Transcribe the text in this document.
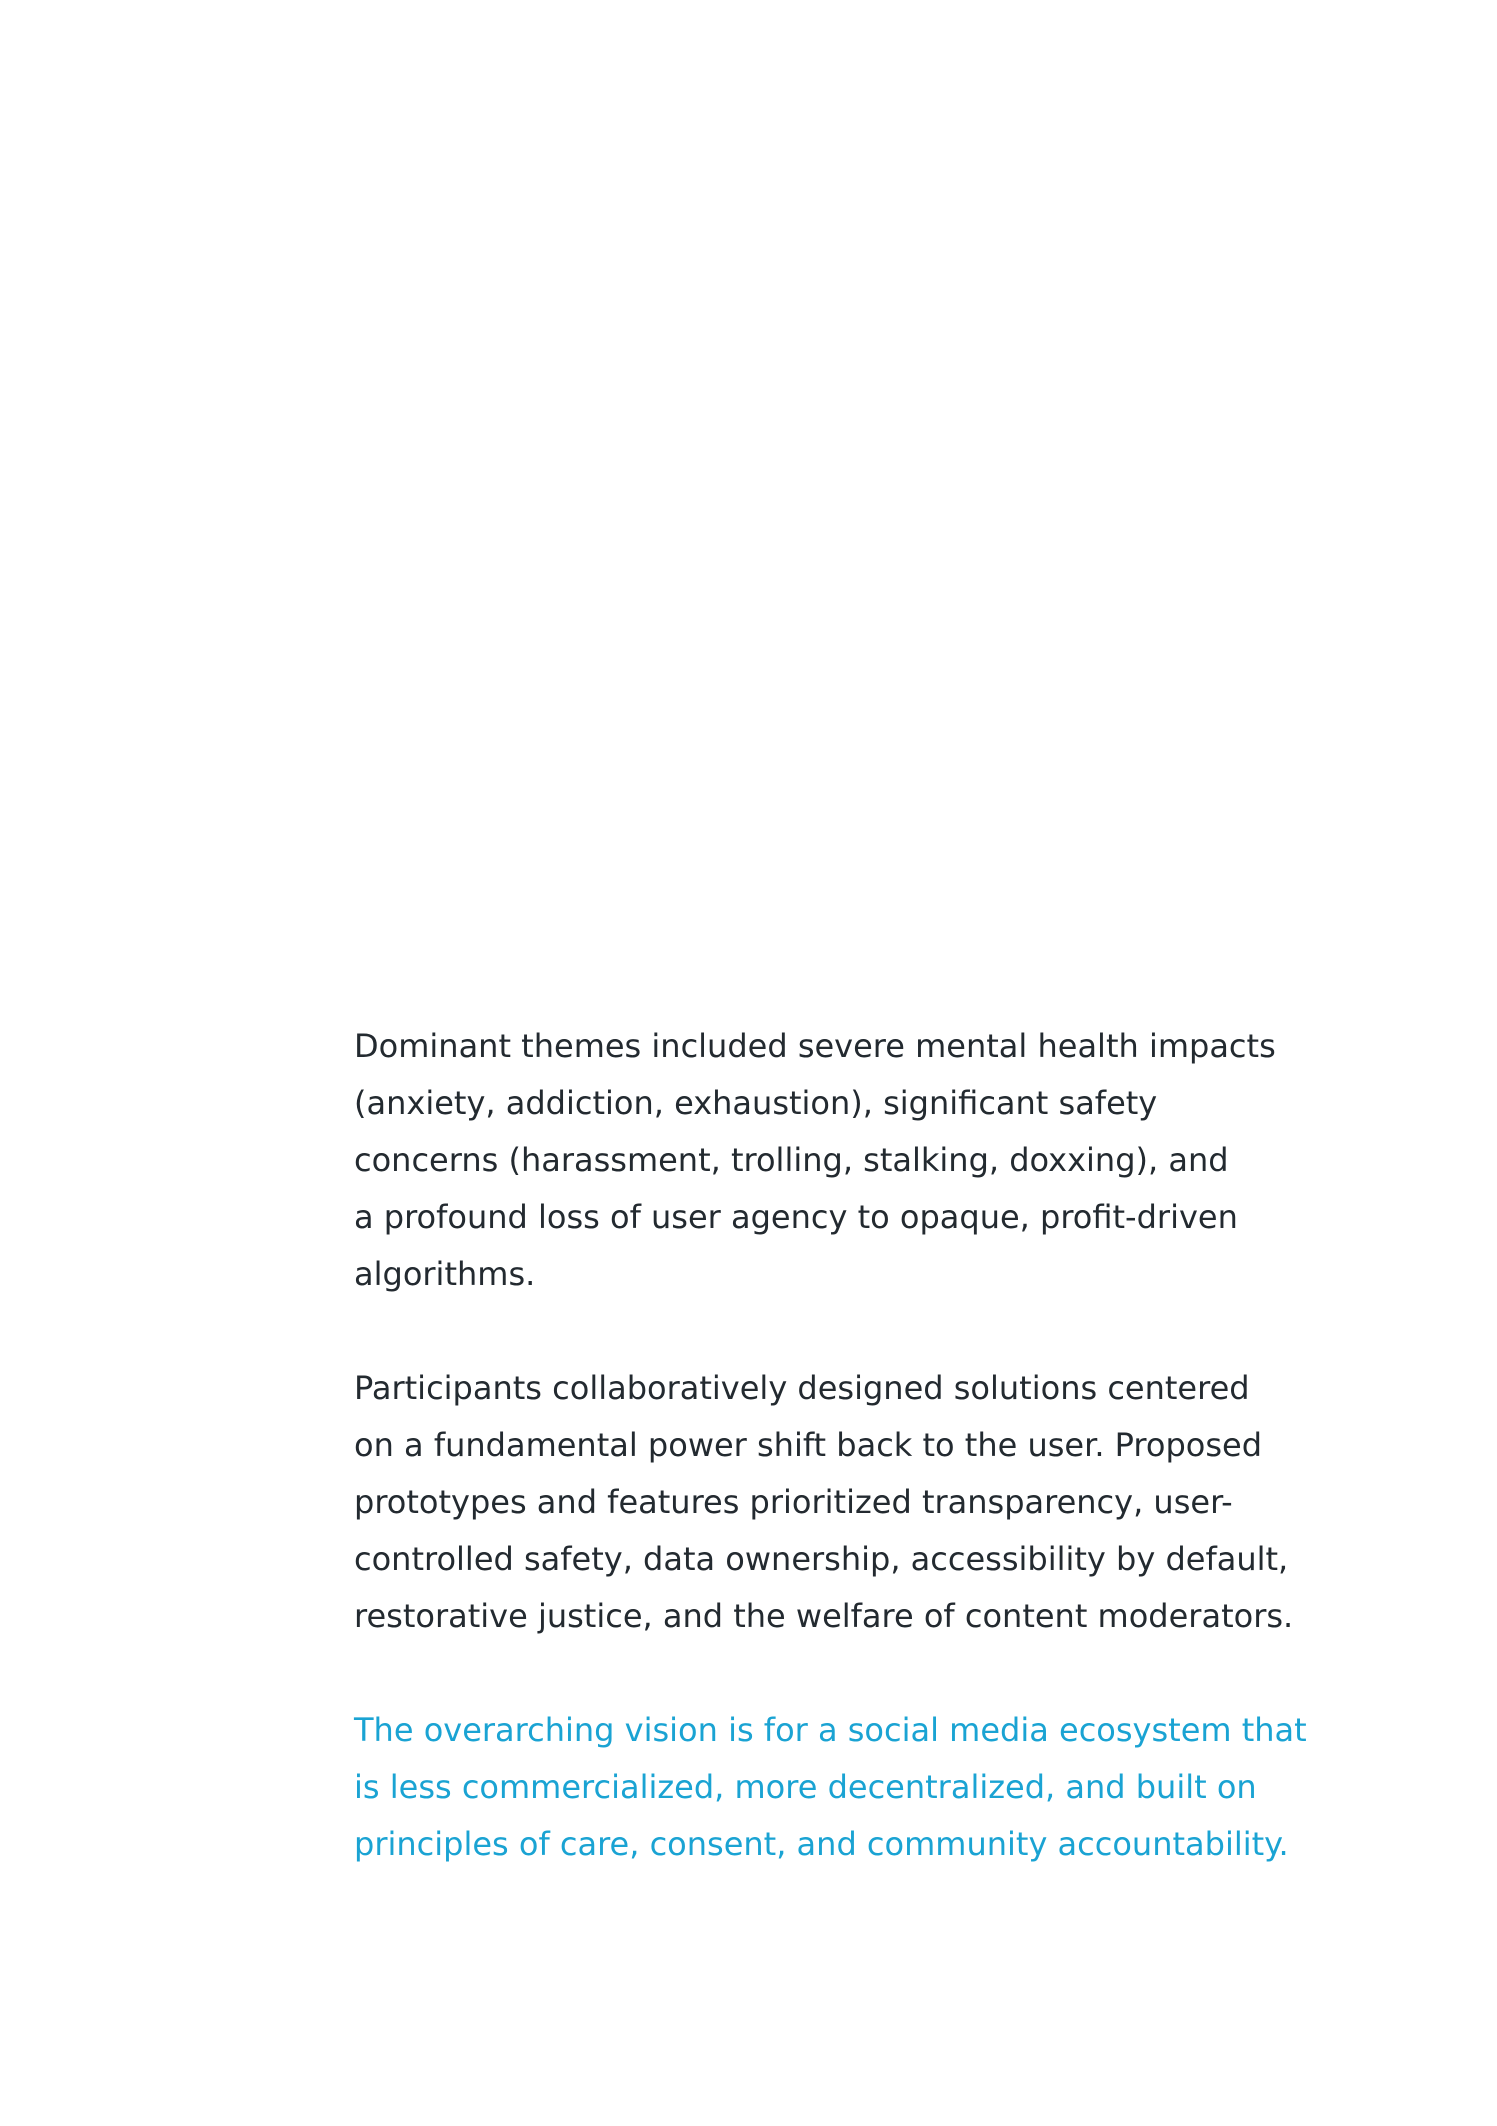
Dominant themes included severe mental health impacts
(anxiety, addiction, exhaustion), significant safety
concerns (harassment, trolling, stalking, doxxing), and
a profound loss of user agency to opaque, profit-driven
algorithms.

Participants collaboratively designed solutions centered
on a fundamental power shift back to the user. Proposed
prototypes and features prioritized transparency, user-
controlled safety, data ownership, accessibility by default,
restorative justice, and the welfare of content moderators.

The overarching vision is for a social media ecosystem that
is less commercialized, more decentralized, and built on
principles of care, consent, and community accountability.
